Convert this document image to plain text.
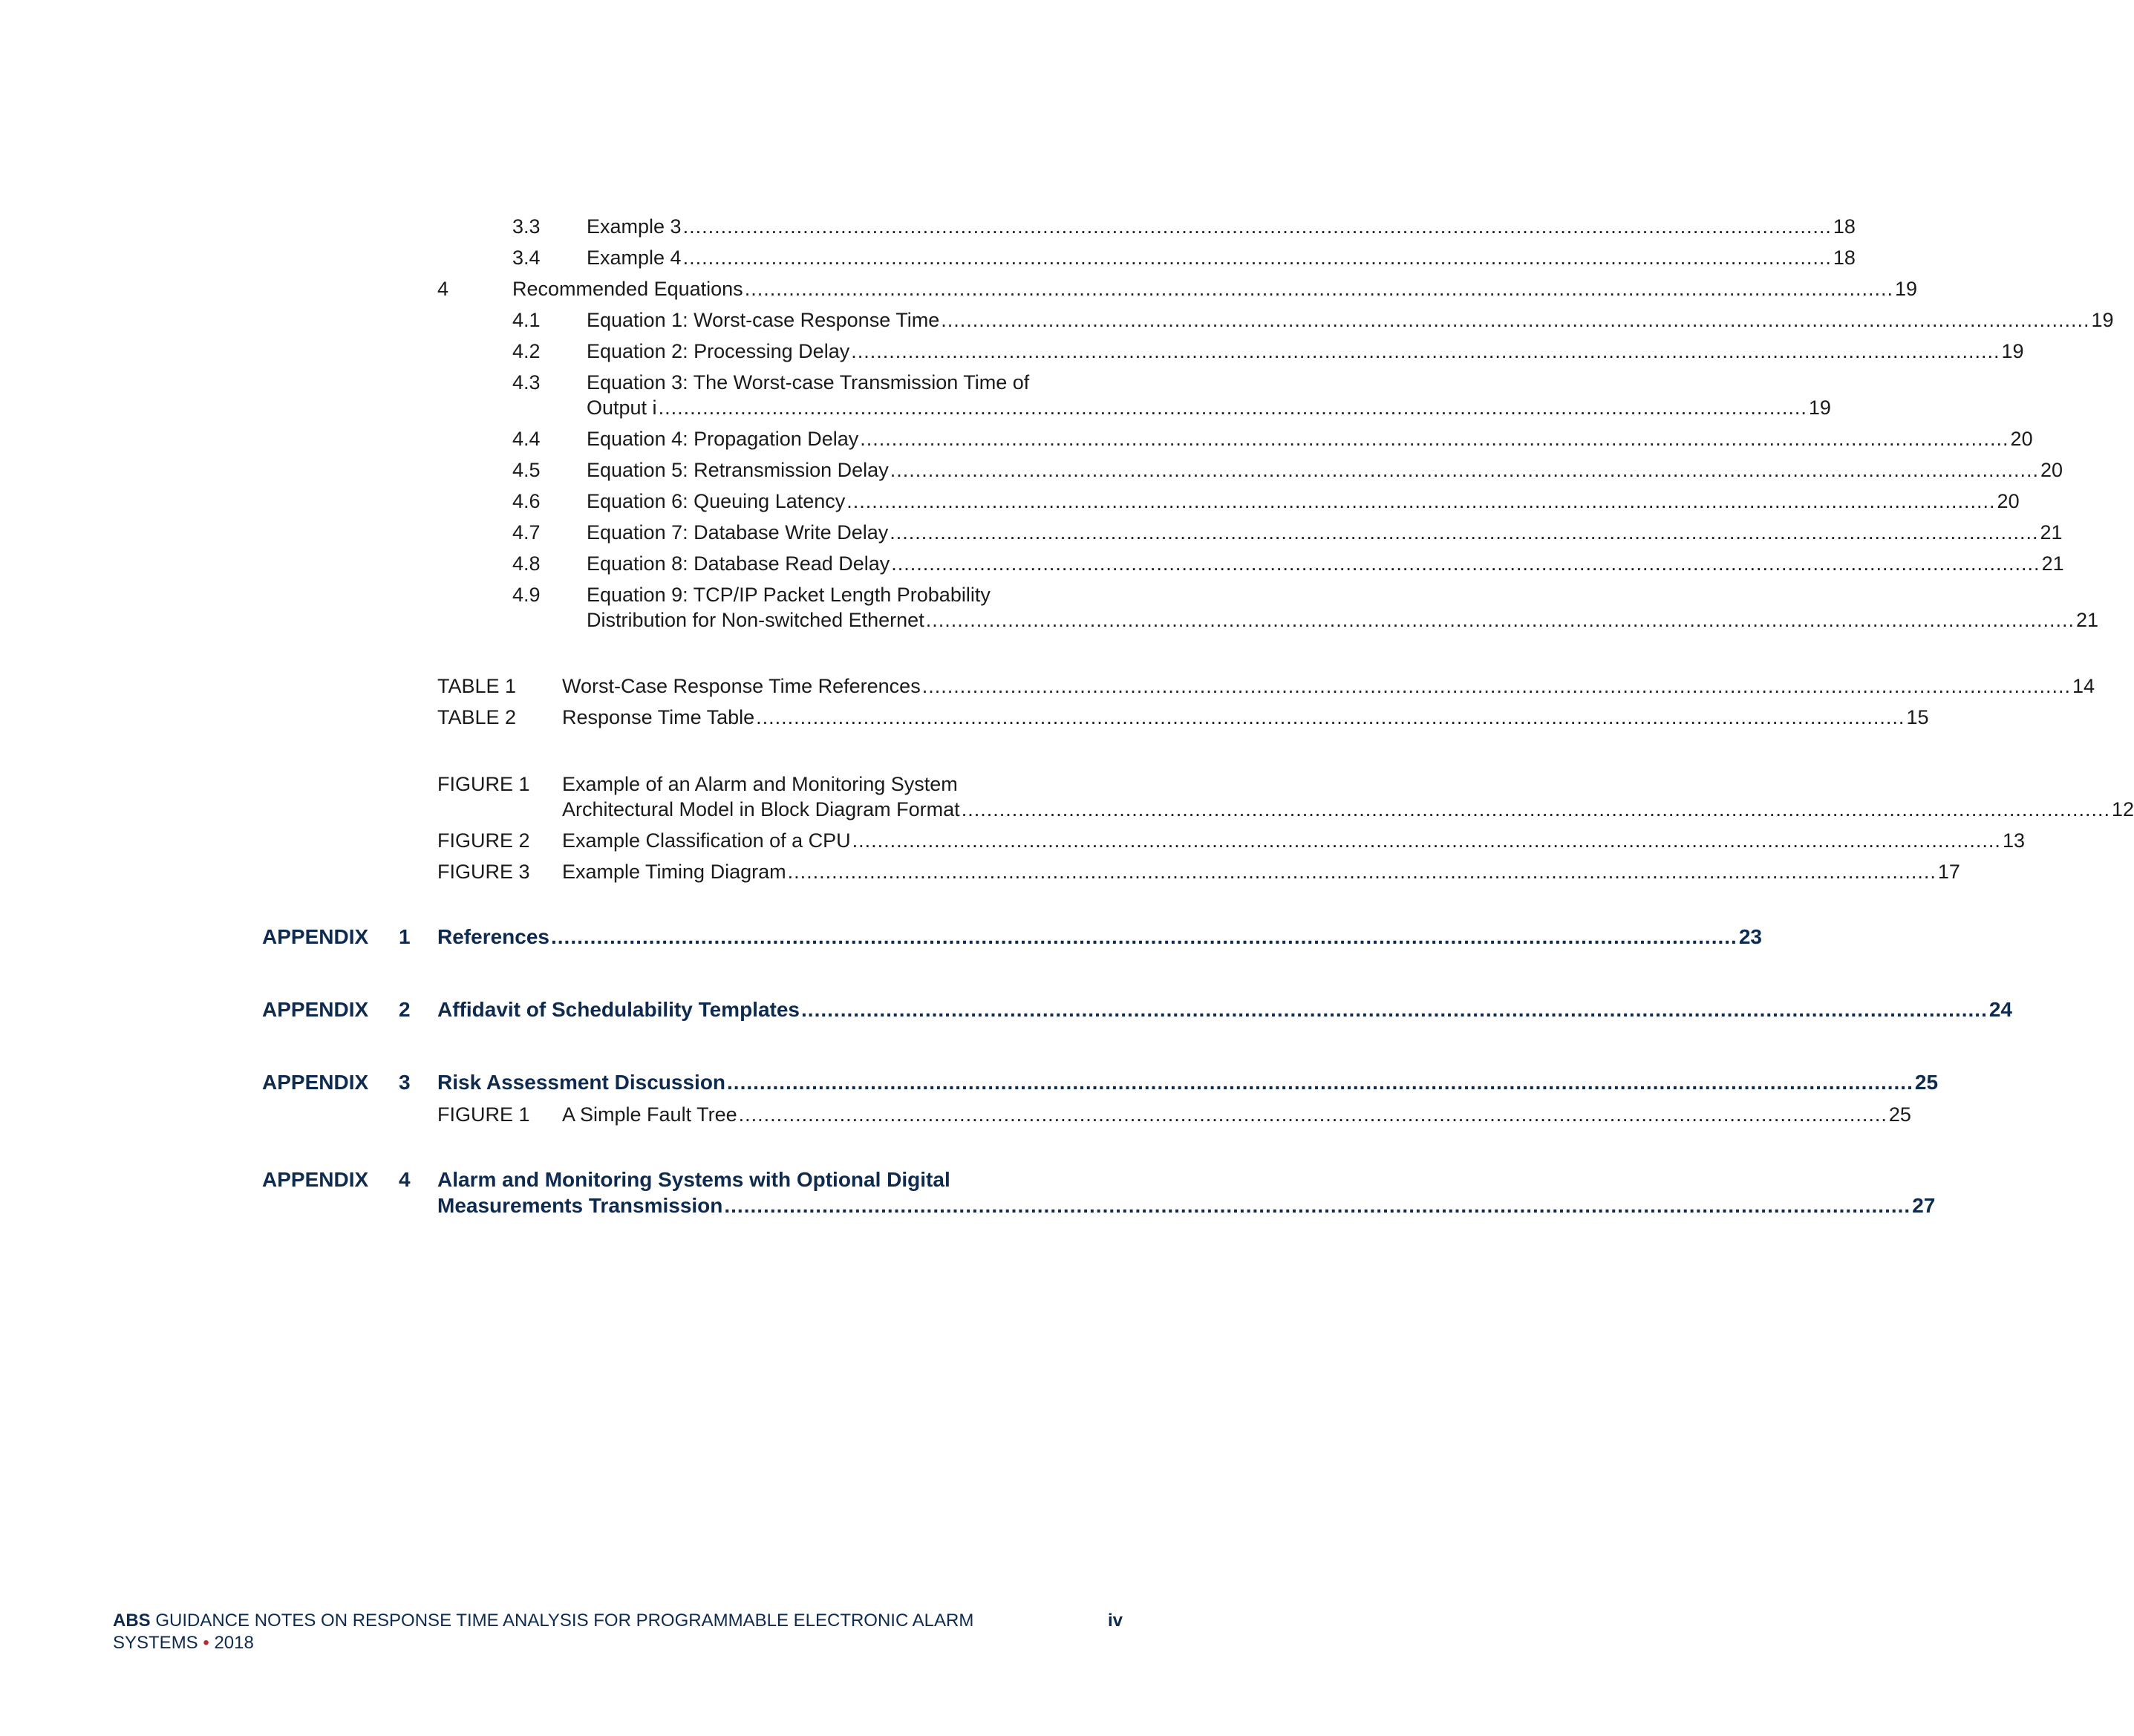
3.3 Example 3 ...................................................................................................................................................................................... 18
3.4 Example 4 ...................................................................................................................................................................................... 18
4	Recommended Equations ...................................................................................................................................................................................... 19
4.1 Equation 1: Worst-case Response Time ...................................................................................................................................................................................... 19
4.2 Equation 2: Processing Delay ...................................................................................................................................................................................... 19
4.3 Equation 3: The Worst-case Transmission Time of
Output i ...................................................................................................................................................................................... 19
4.4 Equation 4: Propagation Delay ...................................................................................................................................................................................... 20
4.5 Equation 5: Retransmission Delay ...................................................................................................................................................................................... 20
4.6 Equation 6: Queuing Latency ...................................................................................................................................................................................... 20
4.7 Equation 7: Database Write Delay ...................................................................................................................................................................................... 21
4.8 Equation 8: Database Read Delay ...................................................................................................................................................................................... 21
4.9 Equation 9: TCP/IP Packet Length Probability
Distribution for Non-switched Ethernet ...................................................................................................................................................................................... 21
TABLE 1 Worst-Case Response Time References ...................................................................................................................................................................................... 14
TABLE 2 Response Time Table ...................................................................................................................................................................................... 15
FIGURE 1 Example of an Alarm and Monitoring System
Architectural Model in Block Diagram Format ...................................................................................................................................................................................... 12
FIGURE 2 Example Classification of a CPU ...................................................................................................................................................................................... 13
FIGURE 3 Example Timing Diagram ...................................................................................................................................................................................... 17
APPENDIX 1 References ...................................................................................................................................................................................... 23
APPENDIX 2 Affidavit of Schedulability Templates ...................................................................................................................................................................................... 24
APPENDIX 3 Risk Assessment Discussion ...................................................................................................................................................................................... 25
FIGURE 1 A Simple Fault Tree ...................................................................................................................................................................................... 25
APPENDIX 4 Alarm and Monitoring Systems with Optional Digital
Measurements Transmission ...................................................................................................................................................................................... 27
ABS GUIDANCE NOTES ON RESPONSE TIME ANALYSIS FOR PROGRAMMABLE ELECTRONIC ALARM
SYSTEMS • 2018
iv
